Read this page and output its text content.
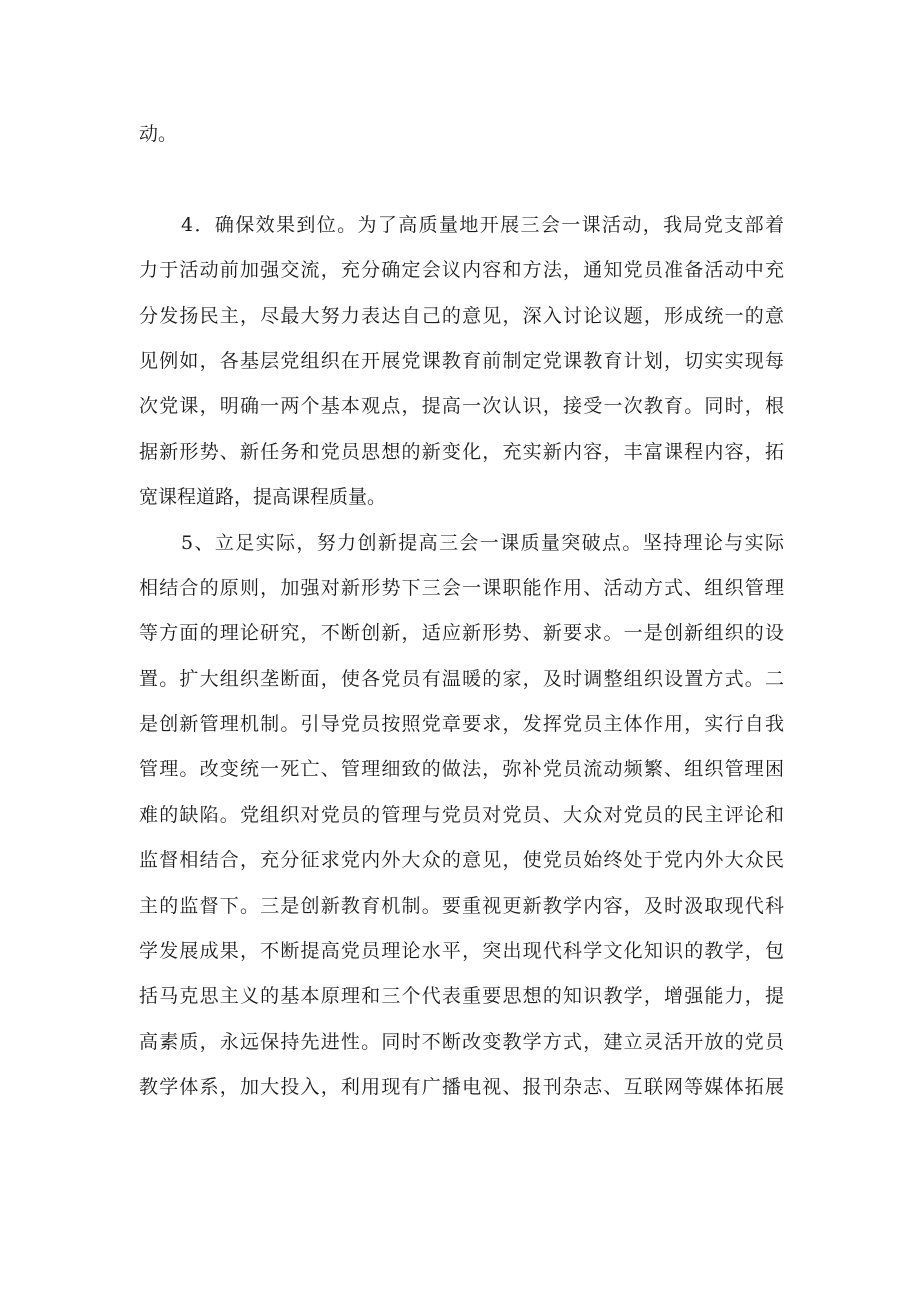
动。
4．确保效果到位。为了高质量地开展三会一课活动，我局党支部着
力于活动前加强交流，充分确定会议内容和方法，通知党员准备活动中充
分发扬民主，尽最大努力表达自己的意见，深入讨论议题，形成统一的意
见例如，各基层党组织在开展党课教育前制定党课教育计划，切实实现每
次党课，明确一两个基本观点，提高一次认识，接受一次教育。同时，根
据新形势、新任务和党员思想的新变化，充实新内容，丰富课程内容，拓
宽课程道路，提高课程质量。
5、立足实际，努力创新提高三会一课质量突破点。坚持理论与实际
相结合的原则，加强对新形势下三会一课职能作用、活动方式、组织管理
等方面的理论研究，不断创新，适应新形势、新要求。一是创新组织的设
置。扩大组织垄断面，使各党员有温暖的家，及时调整组织设置方式。二
是创新管理机制。引导党员按照党章要求，发挥党员主体作用，实行自我
管理。改变统一死亡、管理细致的做法，弥补党员流动频繁、组织管理困
难的缺陷。党组织对党员的管理与党员对党员、大众对党员的民主评论和
监督相结合，充分征求党内外大众的意见，使党员始终处于党内外大众民
主的监督下。三是创新教育机制。要重视更新教学内容，及时汲取现代科
学发展成果，不断提高党员理论水平，突出现代科学文化知识的教学，包
括马克思主义的基本原理和三个代表重要思想的知识教学，增强能力，提
高素质，永远保持先进性。同时不断改变教学方式，建立灵活开放的党员
教学体系，加大投入，利用现有广播电视、报刊杂志、互联网等媒体拓展
